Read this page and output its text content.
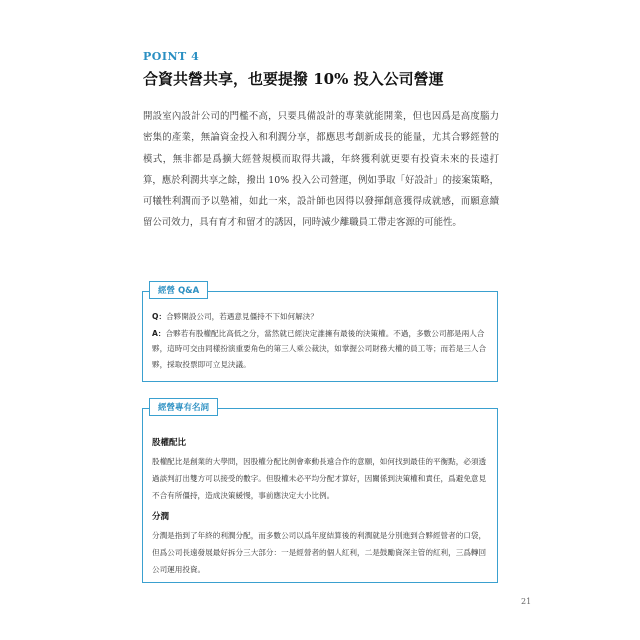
POINT 4
合資共營共享，也要提撥 10% 投入公司營運
開設室內設計公司的門檻不高，只要具備設計的專業就能開業，但也因爲是高度腦力密集的產業，無論資金投入和利潤分享，都應思考創新成長的能量，尤其合夥經營的模式，無非都是爲擴大經營規模而取得共識，年終獲利就更要有投資未來的長遠打算，應於利潤共享之餘，撥出 10% 投入公司營運，例如爭取「好設計」的接案策略，可犧牲利潤而予以塾補，如此一來，設計師也因得以發揮創意獲得成就感，而願意續留公司效力，具有育才和留才的誘因，同時減少離職員工帶走客源的可能性。
經營 Q&A

Q：合夥開設公司，若遇意見僵持不下如何解決？

A：合夥若有股權配比高低之分，當然就已經決定誰擁有最後的決策權。不過，多數公司都是兩人合夥，這時可交由同樣扮演重要角色的第三人乘公裁決，如掌握公司財務大權的員工等；而若是三人合夥，採取投票即可立見決議。

經營專有名詞
股權配比

股權配比是創業的大學問，因股權分配比例會牽動長遠合作的意願，如何找到最佳的平衡點，必須透過談判訂出雙方可以接受的數字。但股權未必平均分配才算好，因關係到決策權和責任，爲避免意見不合有所僵持，造成決策緩慢，事前應決定大小比例。

分潤

分潤是指到了年終的利潤分配，而多數公司以爲年度結算後的利潤就是分別進到合夥經營者的口袋，但爲公司長遠發展最好拆分三大部分：一是經營者的個人紅利，二是鼓勵資深主管的紅利，三爲轉回公司運用投資。

21
